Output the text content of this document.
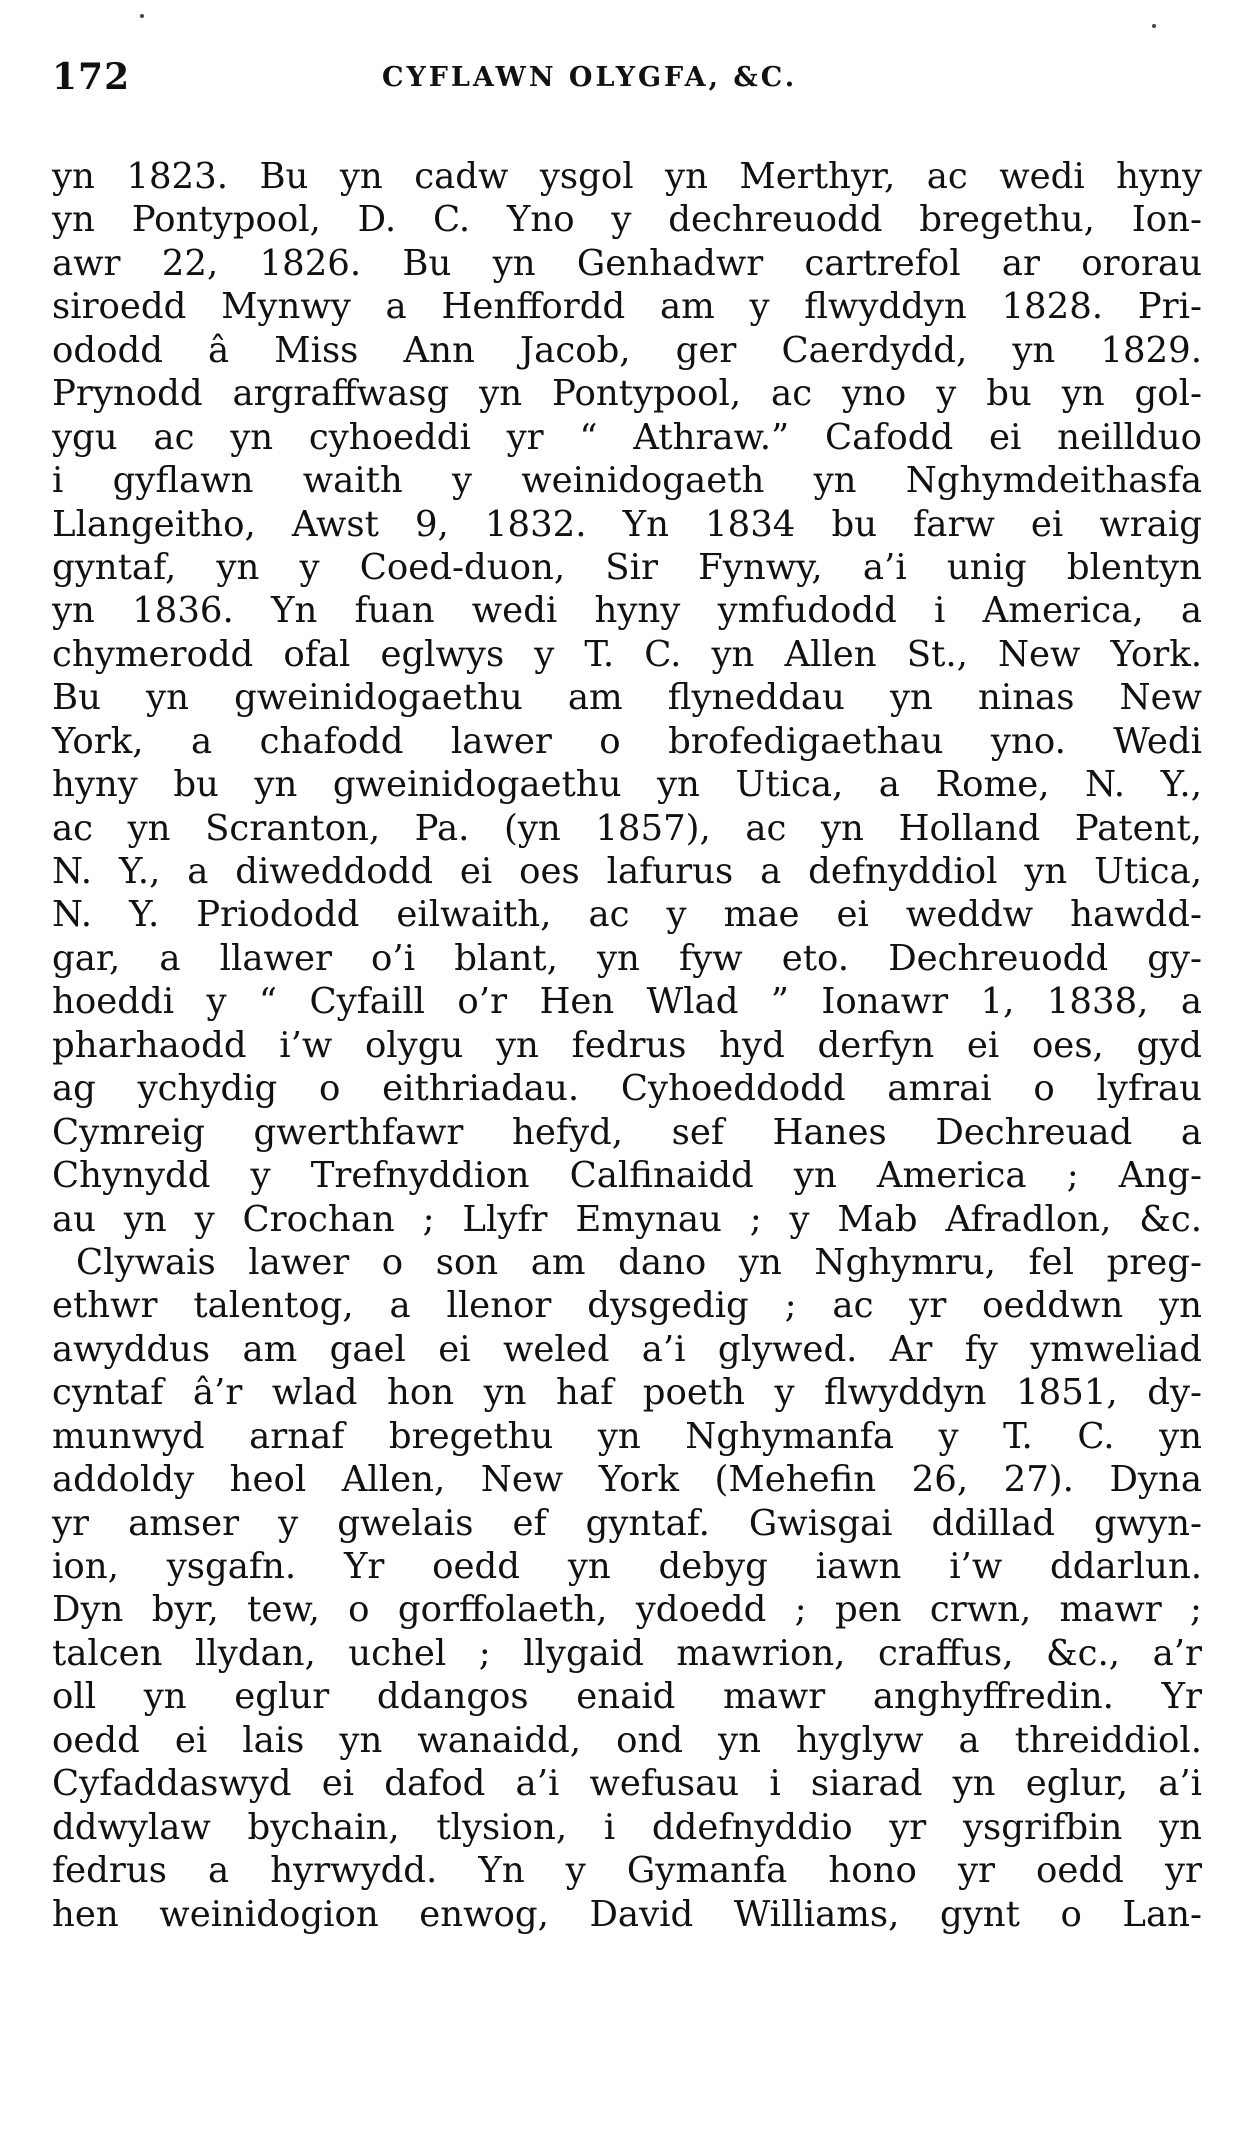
172	CYFLAWN OLYGFA, &C.
yn 1823. Bu yn cadw ysgol yn Merthyr, ac wedi hyny
yn Pontypool, D. C. Yno y dechreuodd bregethu, Ion-
awr 22, 1826. Bu yn Genhadwr cartrefol ar ororau
siroedd Mynwy a Henffordd am y flwyddyn 1828. Pri-
ododd â Miss Ann Jacob, ger Caerdydd, yn 1829.
Prynodd argraffwasg yn Pontypool, ac yno y bu yn gol-
ygu ac yn cyhoeddi yr “ Athraw.” Cafodd ei neillduo
i gyflawn waith y weinidogaeth yn Nghymdeithasfa
Llangeitho, Awst 9, 1832. Yn 1834 bu farw ei wraig
gyntaf, yn y Coed-duon, Sir Fynwy, a’i unig blentyn
yn 1836. Yn fuan wedi hyny ymfudodd i America, a
chymerodd ofal eglwys y T. C. yn Allen St., New York.
Bu yn gweinidogaethu am flyneddau yn ninas New
York, a chafodd lawer o brofedigaethau yno. Wedi
hyny bu yn gweinidogaethu yn Utica, a Rome, N. Y.,
ac yn Scranton, Pa. (yn 1857), ac yn Holland Patent,
N. Y., a diweddodd ei oes lafurus a defnyddiol yn Utica,
N. Y. Priododd eilwaith, ac y mae ei weddw hawdd-
gar, a llawer o’i blant, yn fyw eto. Dechreuodd gy-
hoeddi y “ Cyfaill o’r Hen Wlad ” Ionawr 1, 1838, a
pharhaodd i’w olygu yn fedrus hyd derfyn ei oes, gyd
ag ychydig o eithriadau. Cyhoeddodd amrai o lyfrau
Cymreig gwerthfawr hefyd, sef Hanes Dechreuad a
Chynydd y Trefnyddion Calfinaidd yn America ; Ang-
au yn y Crochan ; Llyfr Emynau ; y Mab Afradlon, &c.
Clywais lawer o son am dano yn Nghymru, fel preg-
ethwr talentog, a llenor dysgedig ; ac yr oeddwn yn
awyddus am gael ei weled a’i glywed. Ar fy ymweliad
cyntaf â’r wlad hon yn haf poeth y flwyddyn 1851, dy-
munwyd arnaf bregethu yn Nghymanfa y T. C. yn
addoldy heol Allen, New York (Mehefin 26, 27). Dyna
yr amser y gwelais ef gyntaf. Gwisgai ddillad gwyn-
ion, ysgafn. Yr oedd yn debyg iawn i’w ddarlun.
Dyn byr, tew, o gorffolaeth, ydoedd ; pen crwn, mawr ;
talcen llydan, uchel ; llygaid mawrion, craffus, &c., a’r
oll yn eglur ddangos enaid mawr anghyffredin. Yr
oedd ei lais yn wanaidd, ond yn hyglyw a threiddiol.
Cyfaddaswyd ei dafod a’i wefusau i siarad yn eglur, a’i
ddwylaw bychain, tlysion, i ddefnyddio yr ysgrifbin yn
fedrus a hyrwydd. Yn y Gymanfa hono yr oedd yr
hen weinidogion enwog, David Williams, gynt o Lan-
